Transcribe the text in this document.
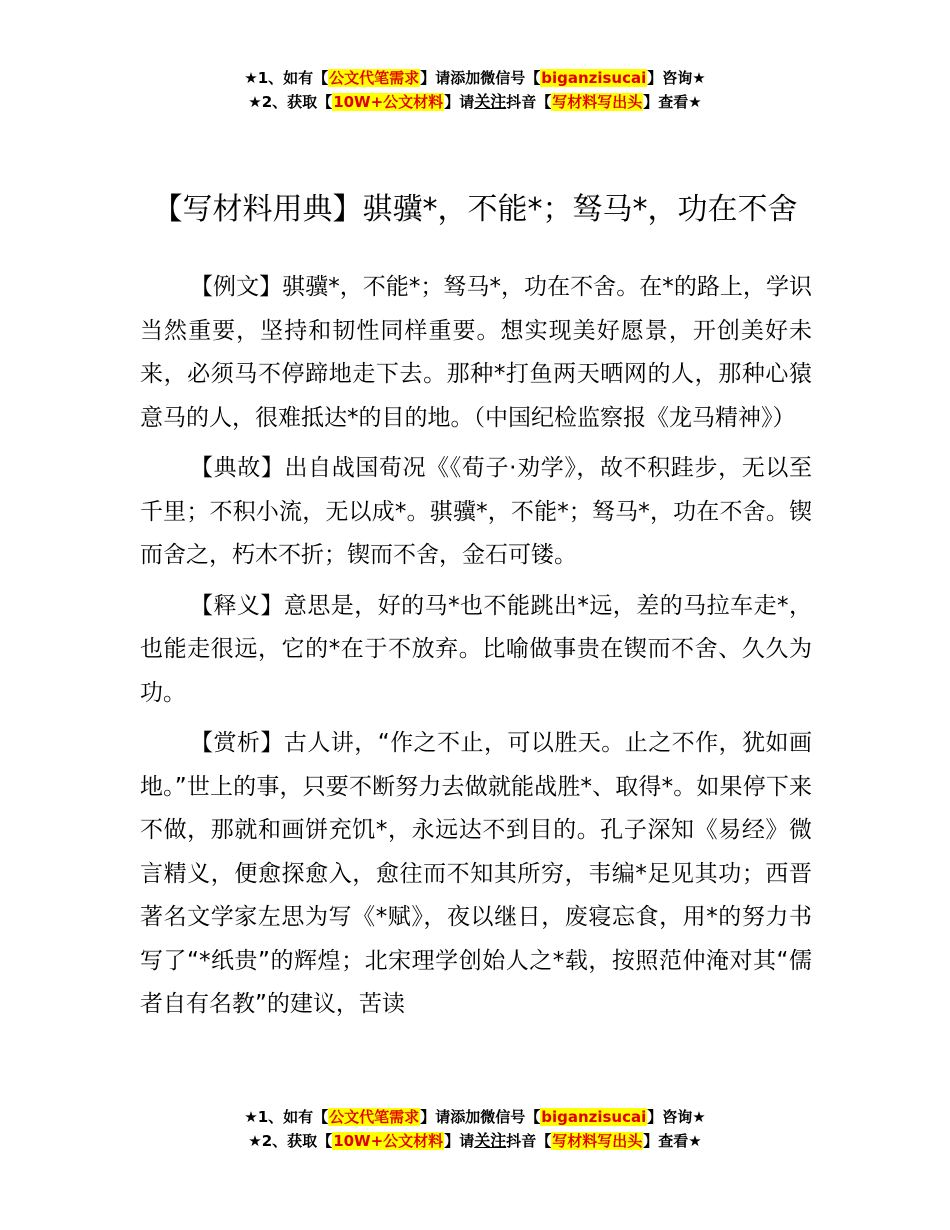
★1、如有【公文代笔需求】请添加微信号【biganzisucai】咨询★
★2、获取【10W+公文材料】请关注抖音【写材料写出头】查看★
【写材料用典】骐骥*，不能*；驽马*，功在不舍

【例文】骐骥*，不能*；驽马*，功在不舍。在*的路上，学识当然重要，坚持和韧性同样重要。想实现美好愿景，开创美好未来，必须马不停蹄地走下去。那种*打鱼两天晒网的人，那种心猿意马的人，很难抵达*的目的地。（中国纪检监察报《龙马精神》）

【典故】出自战国荀况《《荀子·劝学》，故不积跬步，无以至千里；不积小流，无以成*。骐骥*，不能*；驽马*，功在不舍。锲而舍之，朽木不折；锲而不舍，金石可镂。

【释义】意思是，好的马*也不能跳出*远，差的马拉车走*，也能走很远，它的*在于不放弃。比喻做事贵在锲而不舍、久久为功。

【赏析】古人讲，“作之不止，可以胜天。止之不作，犹如画地。”世上的事，只要不断努力去做就能战胜*、取得*。如果停下来不做，那就和画饼充饥*，永远达不到目的。孔子深知《易经》微言精义，便愈探愈入，愈往而不知其所穷，韦编*足见其功；西晋著名文学家左思为写《*赋》，夜以继日，废寝忘食，用*的努力书写了“*纸贵”的辉煌；北宋理学创始人之*载，按照范仲淹对其“儒者自有名教”的建议，苦读

★1、如有【公文代笔需求】请添加微信号【biganzisucai】咨询★
★2、获取【10W+公文材料】请关注抖音【写材料写出头】查看★
